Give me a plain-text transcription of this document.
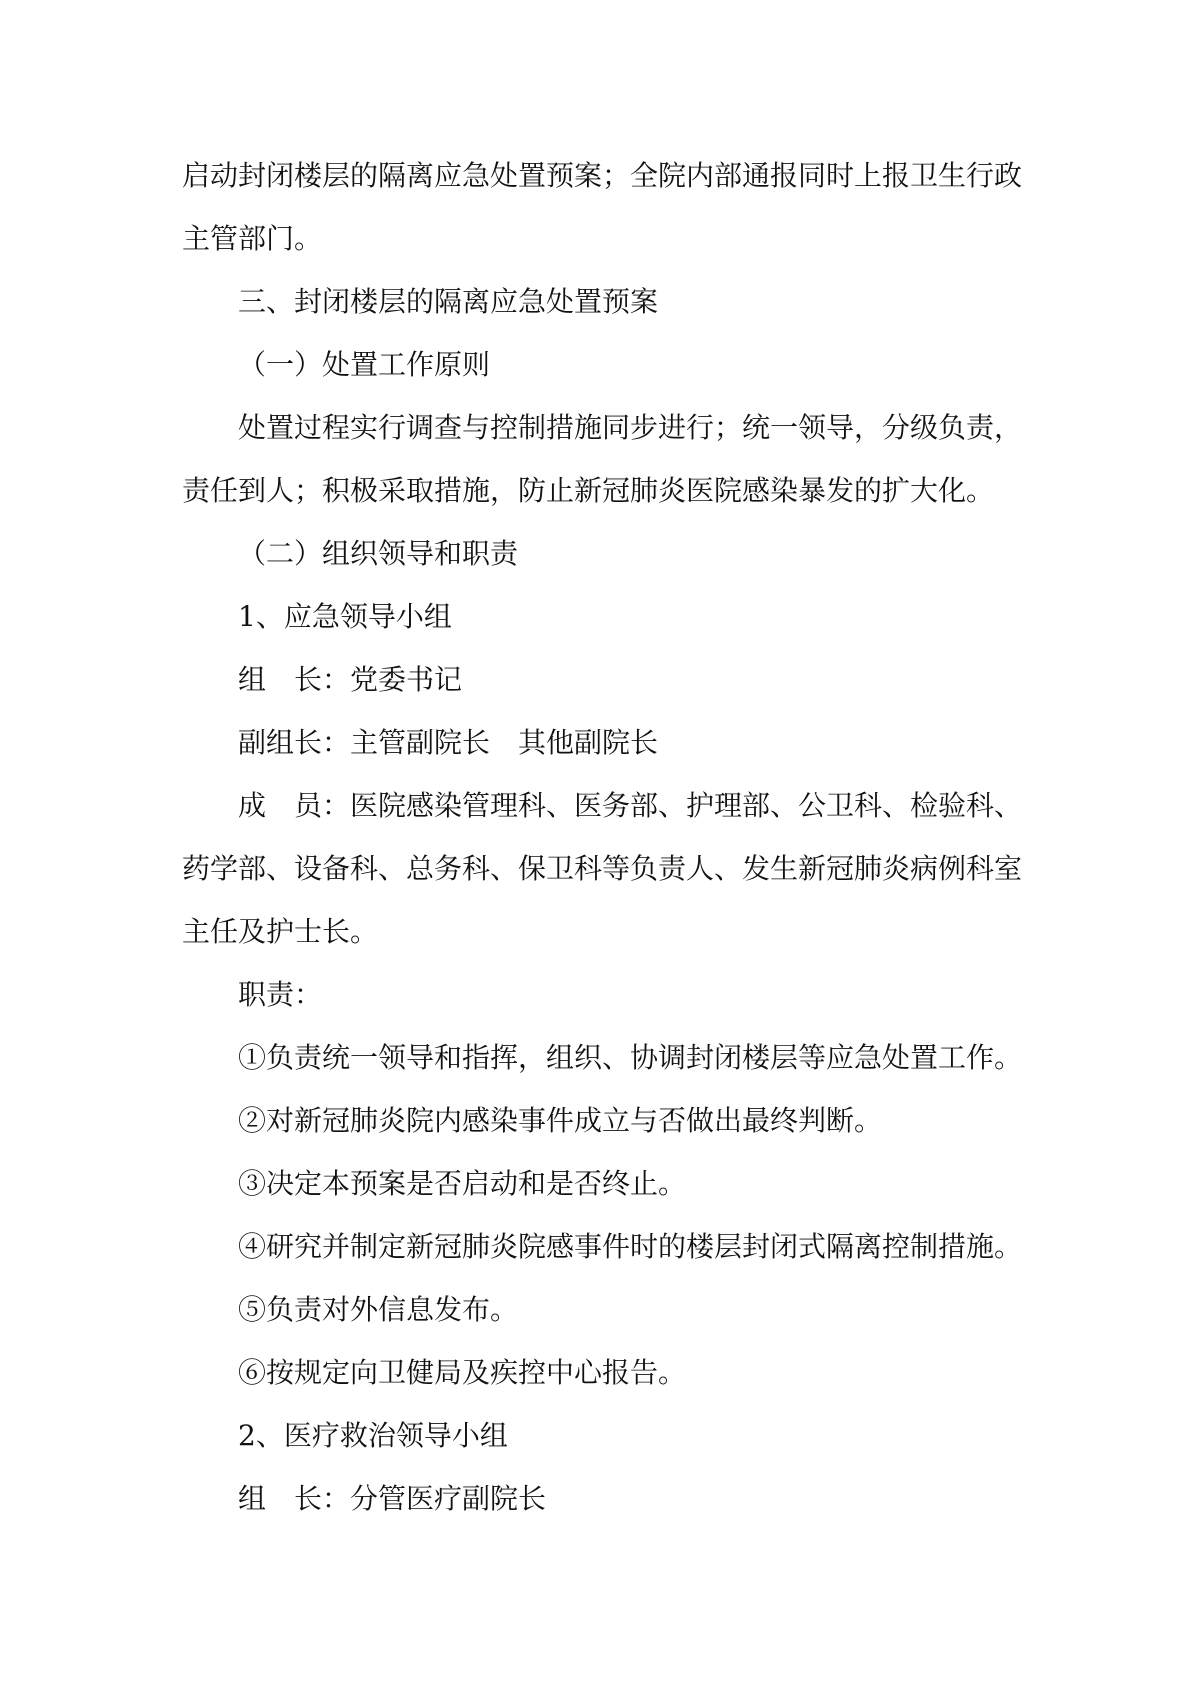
启动封闭楼层的隔离应急处置预案；全院内部通报同时上报卫生行政主管部门。

三、封闭楼层的隔离应急处置预案

（一）处置工作原则

处置过程实行调查与控制措施同步进行；统一领导，分级负责，责任到人；积极采取措施，防止新冠肺炎医院感染暴发的扩大化。

（二）组织领导和职责

1、应急领导小组

组　长：党委书记

副组长：主管副院长　其他副院长

成　员：医院感染管理科、医务部、护理部、公卫科、检验科、药学部、设备科、总务科、保卫科等负责人、发生新冠肺炎病例科室主任及护士长。

职责：

①负责统一领导和指挥，组织、协调封闭楼层等应急处置工作。

②对新冠肺炎院内感染事件成立与否做出最终判断。

③决定本预案是否启动和是否终止。

④研究并制定新冠肺炎院感事件时的楼层封闭式隔离控制措施。

⑤负责对外信息发布。

⑥按规定向卫健局及疾控中心报告。

2、医疗救治领导小组

组　长：分管医疗副院长
